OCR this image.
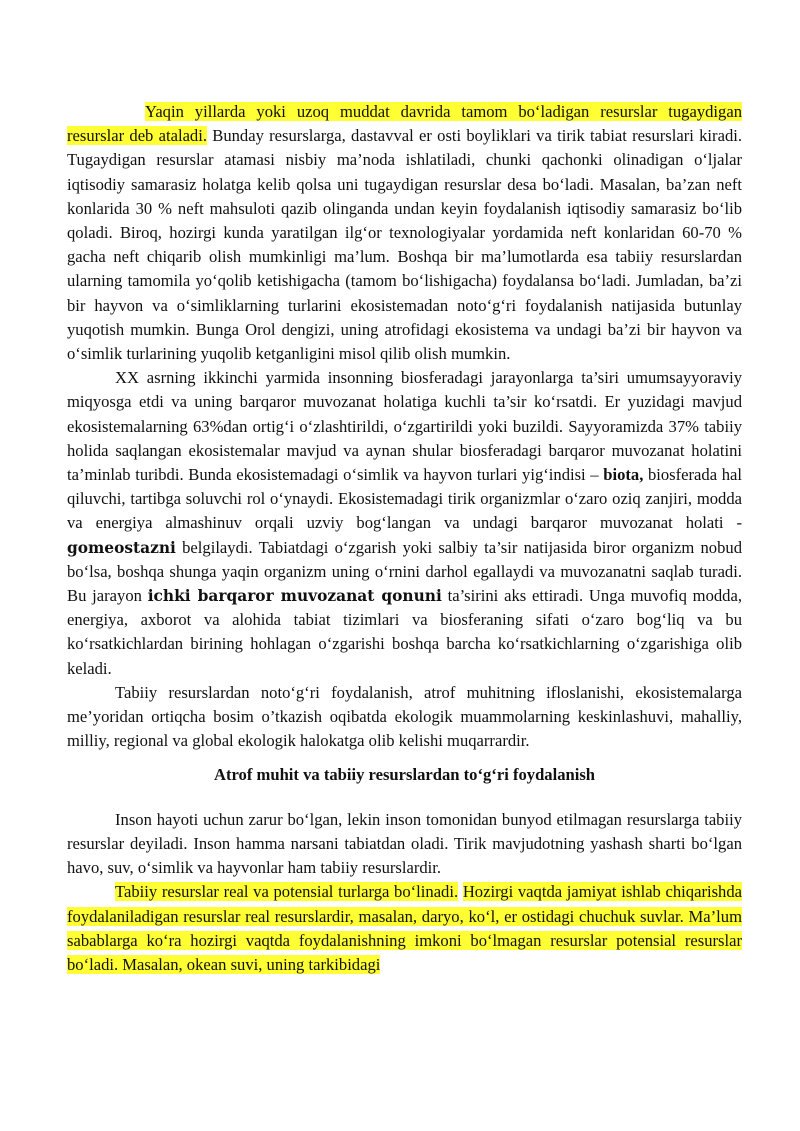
Yaqin yillarda yoki uzoq muddat davrida tamom bo‘ladigan resurslar tugaydigan resurslar deb ataladi. Bunday resurslarga, dastavval er osti boyliklari va tirik tabiat resurslari kiradi. Tugaydigan resurslar atamasi nisbiy ma’noda ishlatiladi, chunki qachonki olinadigan o‘ljalar iqtisodiy samarasiz holatga kelib qolsa uni tugaydigan resurslar desa bo‘ladi. Masalan, ba’zan neft konlarida 30 % neft mahsuloti qazib olinganda undan keyin foydalanish iqtisodiy samarasiz bo‘lib qoladi. Biroq, hozirgi kunda yaratilgan ilg‘or texnologiyalar yordamida neft konlaridan 60-70 % gacha neft chiqarib olish mumkinligi ma’lum. Boshqa bir ma’lumotlarda esa tabiiy resurslardan ularning tamomila yo‘qolib ketishigacha (tamom bo‘lishigacha) foydalansa bo‘ladi. Jumladan, ba’zi bir hayvon va o‘simliklarning turlarini ekosistemadan noto‘g‘ri foydalanish natijasida butunlay yuqotish mumkin. Bunga Orol dengizi, uning atrofidagi ekosistema va undagi ba’zi bir hayvon va o‘simlik turlarining yuqolib ketganligini misol qilib olish mumkin.

XX asrning ikkinchi yarmida insonning biosferadagi jarayonlarga ta’siri umumsayyoraviy miqyosga etdi va uning barqaror muvozanat holatiga kuchli ta’sir ko‘rsatdi. Er yuzidagi mavjud ekosistemalarning 63%dan ortig‘i o‘zlashtirildi, o‘zgartirildi yoki buzildi. Sayyoramizda 37% tabiiy holida saqlangan ekosistemalar mavjud va aynan shular biosferadagi barqaror muvozanat holatini ta’minlab turibdi. Bunda ekosistemadagi o‘simlik va hayvon turlari yig‘indisi – biota, biosferada hal qiluvchi, tartibga soluvchi rol o‘ynaydi. Ekosistemadagi tirik organizmlar o‘zaro oziq zanjiri, modda va energiya almashinuv orqali uzviy bog‘langan va undagi barqaror muvozanat holati - gomeostazni belgilaydi. Tabiatdagi o‘zgarish yoki salbiy ta’sir natijasida biror organizm nobud bo‘lsa, boshqa shunga yaqin organizm uning o‘rnini darhol egallaydi va muvozanatni saqlab turadi. Bu jarayon ichki barqaror muvozanat qonuni ta’sirini aks ettiradi. Unga muvofiq modda, energiya, axborot va alohida tabiat tizimlari va biosferaning sifati o‘zaro bog‘liq va bu ko‘rsatkichlardan birining hohlagan o‘zgarishi boshqa barcha ko‘rsatkichlarning o‘zgarishiga olib keladi.

Tabiiy resurslardan noto‘g‘ri foydalanish, atrof muhitning ifloslanishi, ekosistemalarga me’yoridan ortiqcha bosim o’tkazish oqibatda ekologik muammolarning keskinlashuvi, mahalliy, milliy, regional va global ekologik halokatga olib kelishi muqarrardir.

Atrof muhit va tabiiy resurslardan to‘g‘ri foydalanish

Inson hayoti uchun zarur bo‘lgan, lekin inson tomonidan bunyod etilmagan resurslarga tabiiy resurslar deyiladi. Inson hamma narsani tabiatdan oladi. Tirik mavjudotning yashash sharti bo‘lgan havo, suv, o‘simlik va hayvonlar ham tabiiy resurslardir.

Tabiiy resurslar real va potensial turlarga bo‘linadi. Hozirgi vaqtda jamiyat ishlab chiqarishda foydalaniladigan resurslar real resurslardir, masalan, daryo, ko‘l, er ostidagi chuchuk suvlar. Ma’lum sabablarga ko‘ra hozirgi vaqtda foydalanishning imkoni bo‘lmagan resurslar potensial resurslar bo‘ladi. Masalan, okean suvi, uning tarkibidagi
